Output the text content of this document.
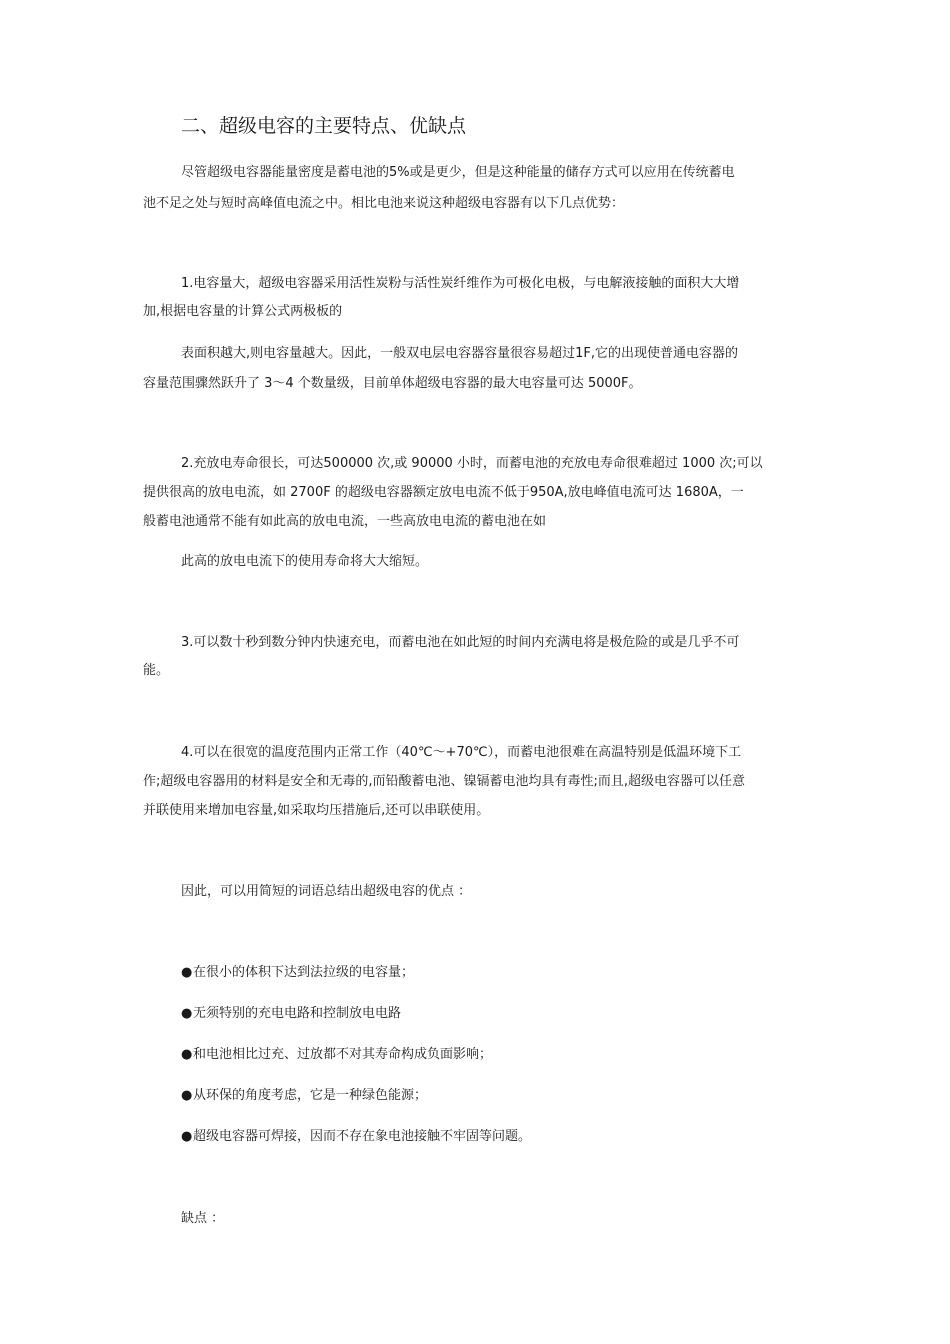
二、超级电容的主要特点、优缺点
尽管超级电容器能量密度是蓄电池的5%或是更少，但是这种能量的储存方式可以应用在传统蓄电
池不足之处与短时高峰值电流之中。相比电池来说这种超级电容器有以下几点优势：
1.电容量大，超级电容器采用活性炭粉与活性炭纤维作为可极化电极，与电解液接触的面积大大增
加,根据电容量的计算公式两极板的
表面积越大,则电容量越大。因此，一般双电层电容器容量很容易超过1F,它的出现使普通电容器的
容量范围骤然跃升了 3～4 个数量级，目前单体超级电容器的最大电容量可达 5000F。
2.充放电寿命很长，可达500000 次,或 90000 小时，而蓄电池的充放电寿命很难超过 1000 次;可以
提供很高的放电电流，如 2700F 的超级电容器额定放电电流不低于950A,放电峰值电流可达 1680A，一
般蓄电池通常不能有如此高的放电电流，一些高放电电流的蓄电池在如
此高的放电电流下的使用寿命将大大缩短。
3.可以数十秒到数分钟内快速充电，而蓄电池在如此短的时间内充满电将是极危险的或是几乎不可
能。
4.可以在很宽的温度范围内正常工作（40℃～+70℃），而蓄电池很难在高温特别是低温环境下工
作;超级电容器用的材料是安全和无毒的,而铅酸蓄电池、镍镉蓄电池均具有毒性;而且,超级电容器可以任意
并联使用来增加电容量,如采取均压措施后,还可以串联使用。
因此，可以用简短的词语总结出超级电容的优点 ：
●在很小的体积下达到法拉级的电容量；
●无须特别的充电电路和控制放电电路
●和电池相比过充、过放都不对其寿命构成负面影响；
●从环保的角度考虑，它是一种绿色能源；
●超级电容器可焊接，因而不存在象电池接触不牢固等问题。
缺点 ：
